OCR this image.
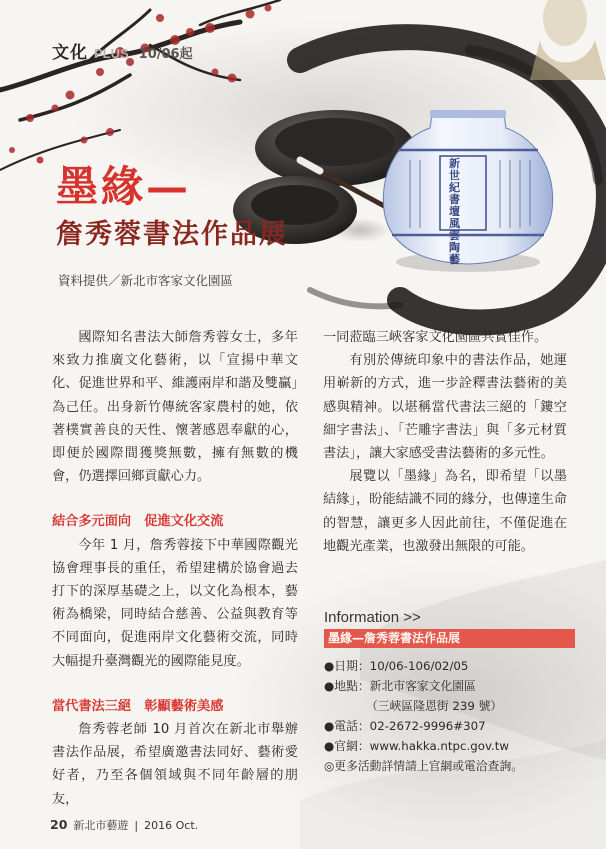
新世紀書壇風雲陶藝
文化 PLUS 10/06起
墨緣—
詹秀蓉書法作品展
資料提供／新北市客家文化園區

國際知名書法大師詹秀蓉女士，多年來致力推廣文化藝術，以「宣揚中華文化、促進世界和平、維護兩岸和諧及雙贏」為己任。出身新竹傳統客家農村的她，依著樸實善良的天性、懷著感恩奉獻的心，即便於國際間獲獎無數，擁有無數的機會，仍選擇回鄉貢獻心力。

結合多元面向　促進文化交流

今年 1 月，詹秀蓉接下中華國際觀光協會理事長的重任，希望建構於協會過去打下的深厚基礎之上，以文化為根本，藝術為橋梁，同時結合慈善、公益與教育等不同面向，促進兩岸文化藝術交流，同時大幅提升臺灣觀光的國際能見度。

當代書法三絕　彰顯藝術美感

詹秀蓉老師 10 月首次在新北市舉辦書法作品展，希望廣邀書法同好、藝術愛好者，乃至各個領域與不同年齡層的朋友，

一同蒞臨三峽客家文化園區共賞佳作。

有別於傳統印象中的書法作品，她運用嶄新的方式，進一步詮釋書法藝術的美感與精神。以堪稱當代書法三絕的「鏤空細字書法」、「芒雕字書法」與「多元材質書法」，讓大家感受書法藝術的多元性。

展覽以「墨緣」為名，即希望「以墨結緣」，盼能結識不同的緣分，也傳達生命的智慧，讓更多人因此前往，不僅促進在地觀光產業，也激發出無限的可能。

Information >>
墨緣—詹秀蓉書法作品展
●日期：10/06-106/02/05
●地點：新北市客家文化園區
（三峽區隆恩街 239 號）
●電話：02-2672-9996#307
●官網：www.hakka.ntpc.gov.tw
◎更多活動詳情請上官網或電洽查詢。
20 新北市藝遊 | 2016 Oct.
